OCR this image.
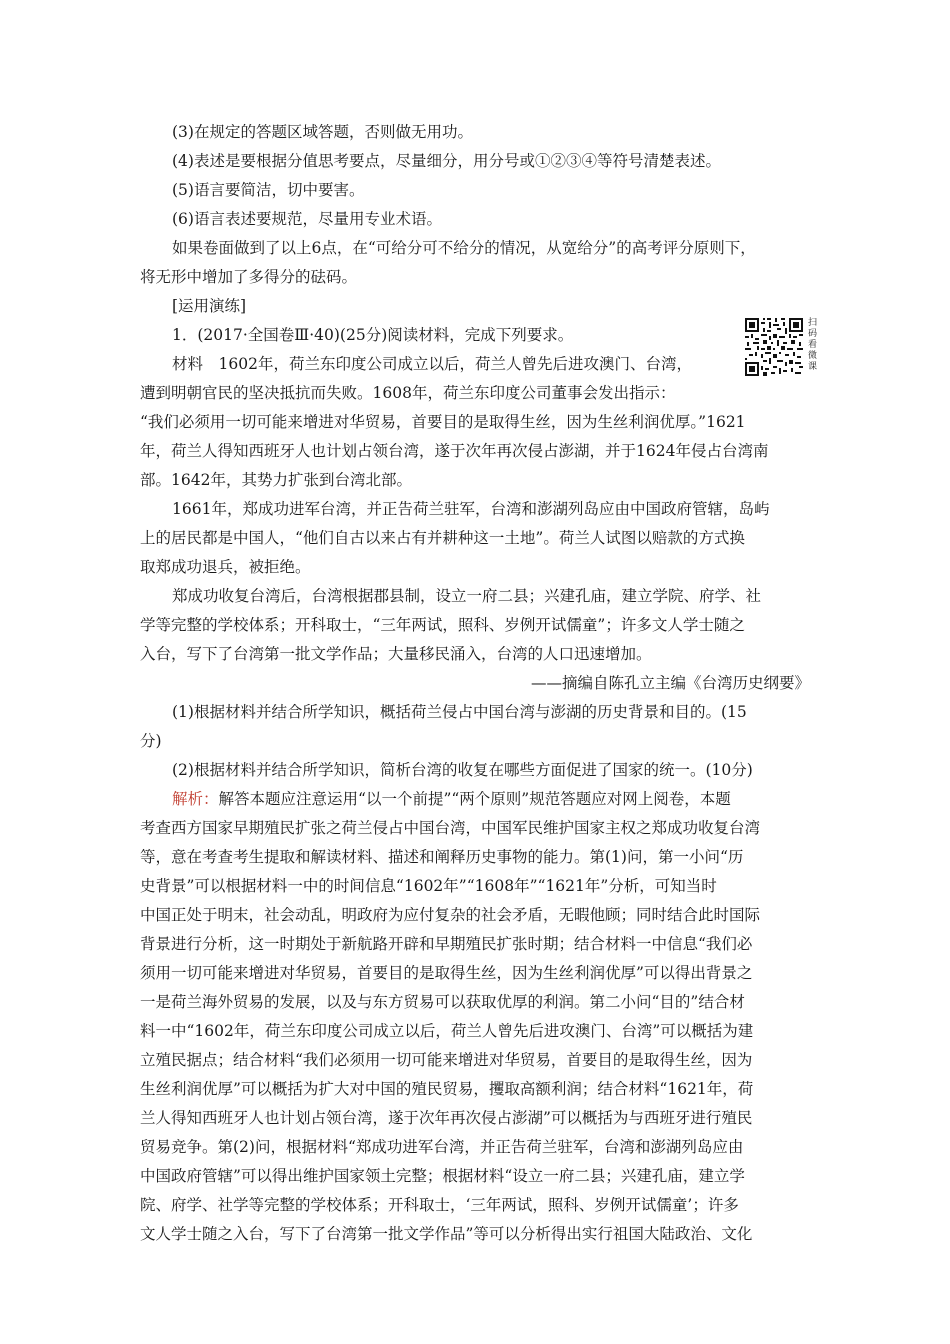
(3)在规定的答题区域答题，否则做无用功。
(4)表述是要根据分值思考要点，尽量细分，用分号或①②③④等符号清楚表述。
(5)语言要简洁，切中要害。
(6)语言表述要规范，尽量用专业术语。
如果卷面做到了以上6点，在“可给分可不给分的情况，从宽给分”的高考评分原则下，
将无形中增加了多得分的砝码。
[运用演练]
1．(2017·全国卷Ⅲ·40)(25分)阅读材料，完成下列要求。
材料　1602年，荷兰东印度公司成立以后，荷兰人曾先后进攻澳门、台湾，
遭到明朝官民的坚决抵抗而失败。1608年，荷兰东印度公司董事会发出指示：
“我们必须用一切可能来增进对华贸易，首要目的是取得生丝，因为生丝利润优厚。”1621
年，荷兰人得知西班牙人也计划占领台湾，遂于次年再次侵占澎湖，并于1624年侵占台湾南
部。1642年，其势力扩张到台湾北部。
1661年，郑成功进军台湾，并正告荷兰驻军，台湾和澎湖列岛应由中国政府管辖，岛屿
上的居民都是中国人，“他们自古以来占有并耕种这一土地”。荷兰人试图以赔款的方式换
取郑成功退兵，被拒绝。
郑成功收复台湾后，台湾根据郡县制，设立一府二县；兴建孔庙，建立学院、府学、社
学等完整的学校体系；开科取士，“三年两试，照科、岁例开试儒童”；许多文人学士随之
入台，写下了台湾第一批文学作品；大量移民涌入，台湾的人口迅速增加。
——摘编自陈孔立主编《台湾历史纲要》
(1)根据材料并结合所学知识，概括荷兰侵占中国台湾与澎湖的历史背景和目的。(15
分)
(2)根据材料并结合所学知识，简析台湾的收复在哪些方面促进了国家的统一。(10分)
解析：解答本题应注意运用“以一个前提”“两个原则”规范答题应对网上阅卷，本题
考查西方国家早期殖民扩张之荷兰侵占中国台湾，中国军民维护国家主权之郑成功收复台湾
等，意在考查考生提取和解读材料、描述和阐释历史事物的能力。第(1)问，第一小问“历
史背景”可以根据材料一中的时间信息“1602年”“1608年”“1621年”分析，可知当时
中国正处于明末，社会动乱，明政府为应付复杂的社会矛盾，无暇他顾；同时结合此时国际
背景进行分析，这一时期处于新航路开辟和早期殖民扩张时期；结合材料一中信息“我们必
须用一切可能来增进对华贸易，首要目的是取得生丝，因为生丝利润优厚”可以得出背景之
一是荷兰海外贸易的发展，以及与东方贸易可以获取优厚的利润。第二小问“目的”结合材
料一中“1602年，荷兰东印度公司成立以后，荷兰人曾先后进攻澳门、台湾”可以概括为建
立殖民据点；结合材料“我们必须用一切可能来增进对华贸易，首要目的是取得生丝，因为
生丝利润优厚”可以概括为扩大对中国的殖民贸易，攫取高额利润；结合材料“1621年，荷
兰人得知西班牙人也计划占领台湾，遂于次年再次侵占澎湖”可以概括为与西班牙进行殖民
贸易竞争。第(2)问，根据材料“郑成功进军台湾，并正告荷兰驻军，台湾和澎湖列岛应由
中国政府管辖”可以得出维护国家领土完整；根据材料“设立一府二县；兴建孔庙，建立学
院、府学、社学等完整的学校体系；开科取士，‘三年两试，照科、岁例开试儒童’；许多
文人学士随之入台，写下了台湾第一批文学作品”等可以分析得出实行祖国大陆政治、文化
扫码看微课
